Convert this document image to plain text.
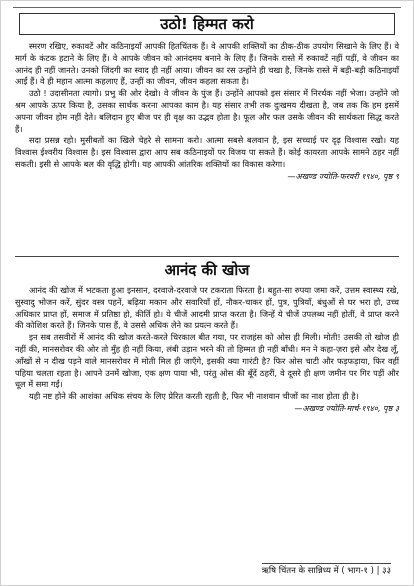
उठो! हिम्मत करो

स्मरण रखिए, रुकावटें और कठिनाइयाँ आपकी हितचिंतक हैं। वे आपकी शक्तियों का ठीक-ठीक उपयोग सिखाने के लिए हैं। वे मार्ग के कंटक हटाने के लिए हैं। वे आपके जीवन को आनंदमय बनाने के लिए हैं। जिनके रास्ते में रुकावटें नहीं पड़ीं, वे जीवन का आनंद ही नहीं जानते। उनको जिंदगी का स्वाद ही नहीं आया। जीवन का रस उन्होंने ही चखा है, जिनके रास्ते में बड़ी-बड़ी कठिनाइयाँ आईं हैं। वे ही महान आत्मा कहलाए हैं, उन्हीं का जीवन, जीवन कहला सकता है।

उठो ! उदासीनता त्यागो। प्रभु की ओर देखो। वे जीवन के पुंज हैं। उन्होंने आपको इस संसार में निरर्थक नहीं भेजा। उन्होंने जो श्रम आपके ऊपर किया है, उसका सार्थक करना आपका काम है। यह संसार तभी तक दुःखमय दीखता है, जब तक कि हम इसमें अपना जीवन होम नहीं देते। बलिदान हुए बीज पर ही वृक्ष का उद्भव होता है। फूल और फल उसके जीवन की सार्थकता सिद्ध करते हैं।

सदा प्रसन्न रहो। मुसीबतों का खिले चेहरे से सामना करो। आत्मा सबसे बलवान है, इस सच्चाई पर दृढ़ विश्वास रखो। यह विश्वास ईश्वरीय विश्वास है। इस विश्वास द्वारा आप सब कठिनाइयों पर विजय पा सकते हैं। कोई कायरता आपके सामने ठहर नहीं सकती। इसी से आपके बल की वृद्धि होगी। यह आपकी आंतरिक शक्तियों का विकास करेगा।

—अखण्ड ज्योति-फरवरी १९४०, पृष्ठ ९

आनंद की खोज

आनंद की खोज में भटकता हुआ इनसान, दरवाजे-दरवाजे पर टकराता फिरता है। बहुत-सा रुपया जमा करें, उत्तम स्वास्थ्य रखे, सुस्वादु भोजन करें, सुंदर वस्त्र पहनें, बढ़िया मकान और सवारियाँ हों, नौकर-चाकर हों, पुत्र, पुत्रियाँ, बंधुओं से घर भरा हो, उच्च अधिकार प्राप्त हों, समाज में प्रतिष्ठा हो, कीर्ति हो। ये चीजें आदमी प्राप्त करता है। जिन्हें ये चीजें उपलब्ध नहीं होतीं, वे प्राप्त करने की कोशिश करते हैं। जिनके पास हैं, वे उससे अधिक लेने का प्रयत्न करते हैं।

इन सब तसवीरों में आनंद की खोज करते-करते चिरकाल बीत गया, पर राजहंस को ओस ही मिली। मोती! उसकी तो खोज ही नहीं की, मानसरोवर की ओर तो मुँह ही नहीं किया, लंबी उड़ान भरने की तो हिम्मत ही नहीं बाँधी। मन ने कहा-ज़रा इसे और देख लूँ, आँखों से न दीख पड़ने वाले मानसरोवर में मोती मिल ही जाएँगे, इसकी क्या गारंटी है? फिर ओस चाटी और फड़फड़ाया, फिर वहीं पहिया चलता रहता है। आपने उनमें खोजा, एक क्षण पाया भी, परंतु ओस की बूँदें ठहरीं, वे दूसरे ही क्षण जमीन पर गिर पड़ीं और धूल में समा गईं।

यही नष्ट होने की आशंका अधिक संचय के लिए प्रेरित करती रहती है, फिर भी नाशवान चीजों का नाश होता ही है।

—अखण्ड ज्योति-मार्च-१९४०, पृष्ठ ३

ऋषि चिंतन के सान्निध्य में ( भाग-१ ) | ३३
